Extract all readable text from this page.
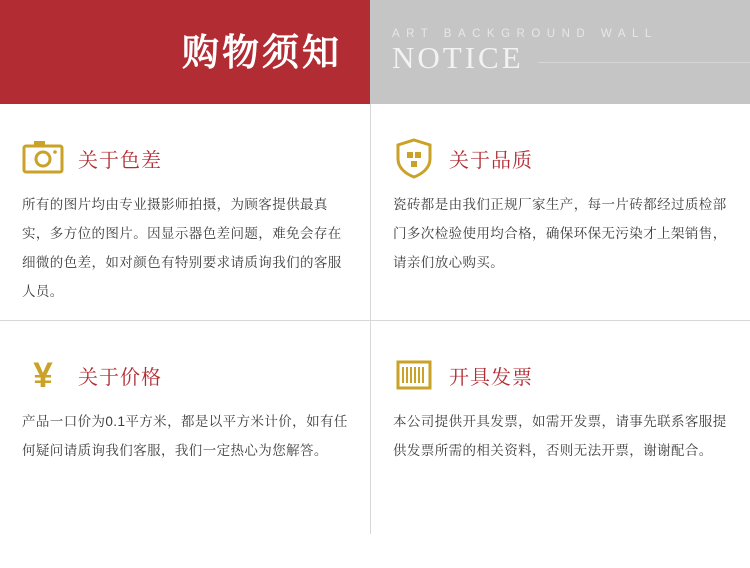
购物须知	ART BACKGROUND WALL
NOTICE
关于色差
所有的图片均由专业摄影师拍摄，为顾客提供最真实，多方位的图片。因显示器色差问题，难免会存在细微的色差，如对颜色有特别要求请质询我们的客服人员。
关于品质
瓷砖都是由我们正规厂家生产，每一片砖都经过质检部门多次检验使用均合格，确保环保无污染才上架销售，请亲们放心购买。
¥ 关于价格
产品一口价为0.1平方米，都是以平方米计价，如有任何疑问请质询我们客服，我们一定热心为您解答。
开具发票
本公司提供开具发票，如需开发票，请事先联系客服提供发票所需的相关资料，否则无法开票，谢谢配合。
